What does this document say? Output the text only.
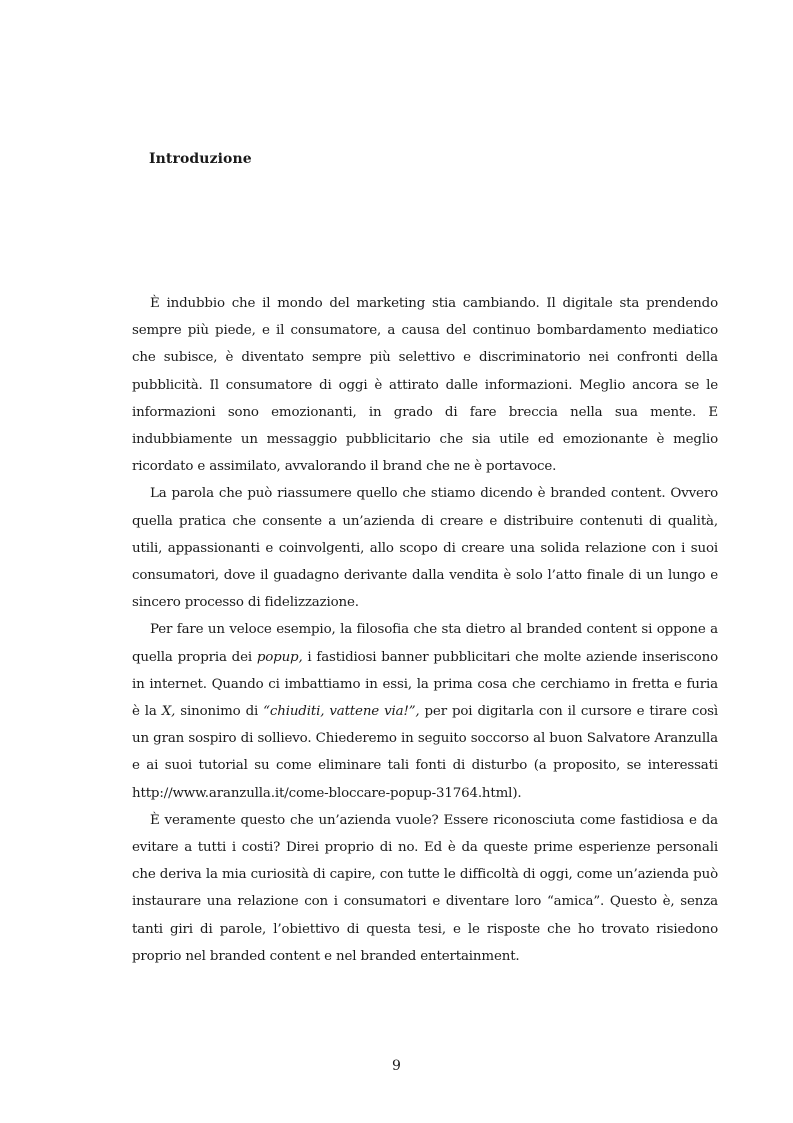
Introduzione

È indubbio che il mondo del marketing stia cambiando. Il digitale sta prendendo sempre più piede, e il consumatore, a causa del continuo bombardamento mediatico che subisce, è diventato sempre più selettivo e discriminatorio nei confronti della pubblicità. Il consumatore di oggi è attirato dalle informazioni. Meglio ancora se le informazioni sono emozionanti, in grado di fare breccia nella sua mente. E indubbiamente un messaggio pubblicitario che sia utile ed emozionante è meglio ricordato e assimilato, avvalorando il brand che ne è portavoce.

La parola che può riassumere quello che stiamo dicendo è branded content. Ovvero quella pratica che consente a un’azienda di creare e distribuire contenuti di qualità, utili, appassionanti e coinvolgenti, allo scopo di creare una solida relazione con i suoi consumatori, dove il guadagno derivante dalla vendita è solo l’atto finale di un lungo e sincero processo di fidelizzazione.

Per fare un veloce esempio, la filosofia che sta dietro al branded content si oppone a quella propria dei popup, i fastidiosi banner pubblicitari che molte aziende inseriscono in internet. Quando ci imbattiamo in essi, la prima cosa che cerchiamo in fretta e furia è la X, sinonimo di “chiuditi, vattene via!”, per poi digitarla con il cursore e tirare così un gran sospiro di sollievo. Chiederemo in seguito soccorso al buon Salvatore Aranzulla e ai suoi tutorial su come eliminare tali fonti di disturbo (a proposito, se interessati http://www.aranzulla.it/come-bloccare-popup-31764.html).

È veramente questo che un’azienda vuole? Essere riconosciuta come fastidiosa e da evitare a tutti i costi? Direi proprio di no. Ed è da queste prime esperienze personali che deriva la mia curiosità di capire, con tutte le difficoltà di oggi, come un’azienda può instaurare una relazione con i consumatori e diventare loro “amica”. Questo è, senza tanti giri di parole, l’obiettivo di questa tesi, e le risposte che ho trovato risiedono proprio nel branded content e nel branded entertainment.

9
